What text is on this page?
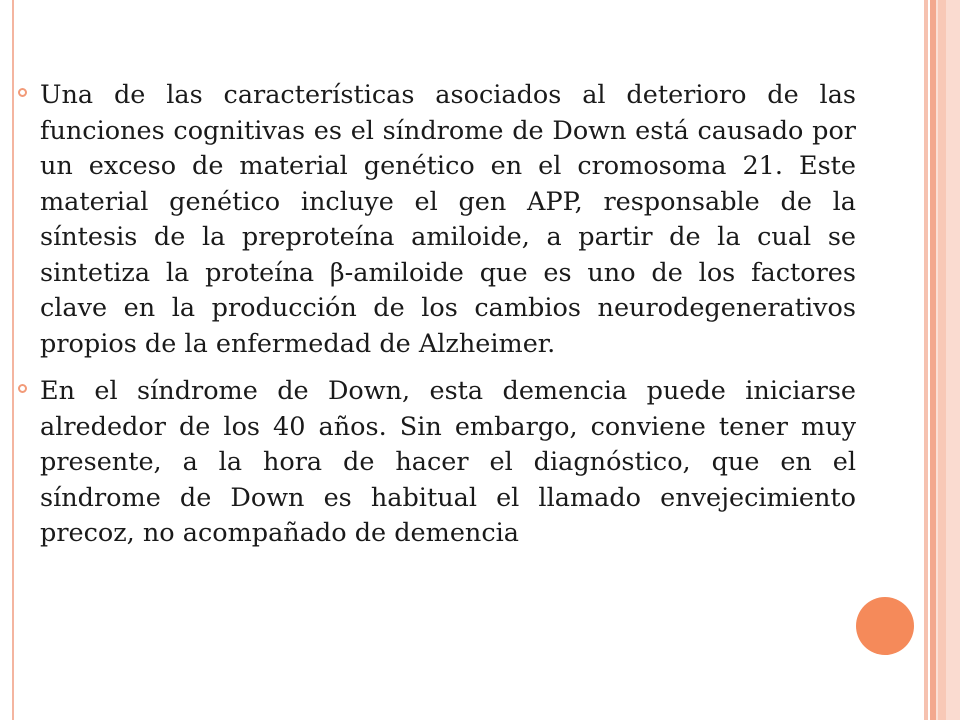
Una de las características asociados al deterioro de las funciones cognitivas es el síndrome de Down está causado por un exceso de material genético en el cromosoma 21. Este material genético incluye el gen APP, responsable de la síntesis de la preproteína amiloide, a partir de la cual se sintetiza la proteína β-amiloide que es uno de los factores clave en la producción de los cambios neurodegenerativos propios de la enfermedad de Alzheimer.

En el síndrome de Down, esta demencia puede iniciarse alrededor de los 40 años. Sin embargo, conviene tener muy presente, a la hora de hacer el diagnóstico, que en el síndrome de Down es habitual el llamado envejecimiento precoz, no acompañado de demencia
